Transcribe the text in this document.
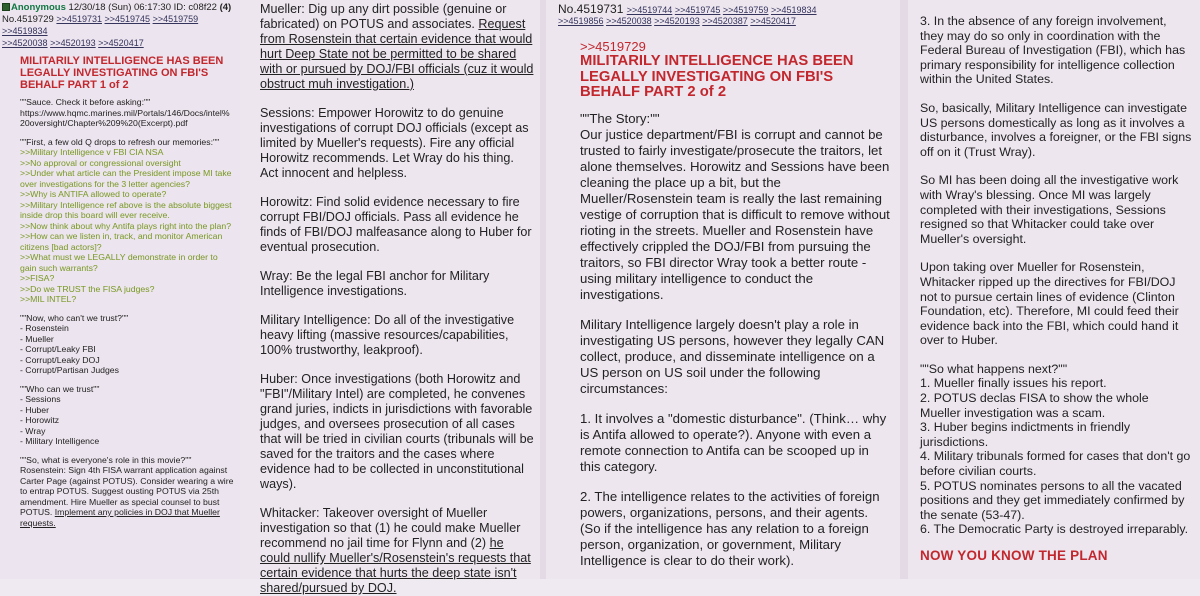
Anonymous 12/30/18 (Sun) 06:17:30 ID: c08f22 (4)
No.4519729 >>4519731 >>4519745 >>4519759 >>4519834
>>4520038 >>4520193 >>4520417
MILITARILY INTELLIGENCE HAS BEEN LEGALLY INVESTIGATING ON FBI'S BEHALF PART 1 of 2
""Sauce. Check it before asking:""
https://www.hqmc.marines.mil/Portals/146/Docs/intel%20oversight/Chapter%209%20(Excerpt).pdf
""First, a few old Q drops to refresh our memories:""
>>Military Intelligence v FBI CIA NSA
>>No approval or congressional oversight
>>Under what article can the President impose MI take over investigations for the 3 letter agencies?
>>Why is ANTIFA allowed to operate?
>>Military Intelligence ref above is the absolute biggest inside drop this board will ever receive.
>>Now think about why Antifa plays right into the plan?
>>How can we listen in, track, and monitor American citizens [bad actors]?
>>What must we LEGALLY demonstrate in order to gain such warrants?
>>FISA?
>>Do we TRUST the FISA judges?
>>MIL INTEL?
""Now, who can't we trust?""
- Rosenstein
- Mueller
- Corrupt/Leaky FBI
- Corrupt/Leaky DOJ
- Corrupt/Partisan Judges
""Who can we trust""
- Sessions
- Huber
- Horowitz
- Wray
- Military Intelligence
""So, what is everyone's role in this movie?""
Rosenstein: Sign 4th FISA warrant application against Carter Page (against POTUS). Consider wearing a wire to entrap POTUS. Suggest ousting POTUS via 25th amendment. Hire Mueller as special counsel to bust POTUS. Implement any policies in DOJ that Mueller requests.
Mueller: Dig up any dirt possible (genuine or fabricated) on POTUS and associates. Request from Rosenstein that certain evidence that would hurt Deep State not be permitted to be shared with or pursued by DOJ/FBI officials (cuz it would obstruct muh investigation.)
Sessions: Empower Horowitz to do genuine investigations of corrupt DOJ officials (except as limited by Mueller's requests). Fire any official Horowitz recommends. Let Wray do his thing. Act innocent and helpless.
Horowitz: Find solid evidence necessary to fire corrupt FBI/DOJ officials. Pass all evidence he finds of FBI/DOJ malfeasance along to Huber for eventual prosecution.
Wray: Be the legal FBI anchor for Military Intelligence investigations.
Military Intelligence: Do all of the investigative heavy lifting (massive resources/capabilities, 100% trustworthy, leakproof).
Huber: Once investigations (both Horowitz and "FBI"/Military Intel) are completed, he convenes grand juries, indicts in jurisdictions with favorable judges, and oversees prosecution of all cases that will be tried in civilian courts (tribunals will be saved for the traitors and the cases where evidence had to be collected in unconstitutional ways).
Whitacker: Takeover oversight of Mueller investigation so that (1) he could make Mueller recommend no jail time for Flynn and (2) he could nullify Mueller's/Rosenstein's requests that certain evidence that hurts the deep state isn't shared/pursued by DOJ.
No.4519731 >>4519744 >>4519745 >>4519759 >>4519834
>>4519856 >>4520038 >>4520193 >>4520387 >>4520417
>>4519729
MILITARILY INTELLIGENCE HAS BEEN LEGALLY INVESTIGATING ON FBI'S BEHALF PART 2 of 2
""The Story:""
Our justice department/FBI is corrupt and cannot be trusted to fairly investigate/prosecute the traitors, let alone themselves. Horowitz and Sessions have been cleaning the place up a bit, but the Mueller/Rosenstein team is really the last remaining vestige of corruption that is difficult to remove without rioting in the streets. Mueller and Rosenstein have effectively crippled the DOJ/FBI from pursuing the traitors, so FBI director Wray took a better route - using military intelligence to conduct the investigations.
Military Intelligence largely doesn't play a role in investigating US persons, however they legally CAN collect, produce, and disseminate intelligence on a US person on US soil under the following circumstances:
1. It involves a "domestic disturbance". (Think… why is Antifa allowed to operate?). Anyone with even a remote connection to Antifa can be scooped up in this category.
2. The intelligence relates to the activities of foreign powers, organizations, persons, and their agents. (So if the intelligence has any relation to a foreign person, organization, or government, Military Intelligence is clear to do their work).
3. In the absence of any foreign involvement, they may do so only in coordination with the Federal Bureau of Investigation (FBI), which has primary responsibility for intelligence collection within the United States.
So, basically, Military Intelligence can investigate US persons domestically as long as it involves a disturbance, involves a foreigner, or the FBI signs off on it (Trust Wray).
So MI has been doing all the investigative work with Wray's blessing. Once MI was largely completed with their investigations, Sessions resigned so that Whitacker could take over Mueller's oversight.
Upon taking over Mueller for Rosenstein, Whitacker ripped up the directives for FBI/DOJ not to pursue certain lines of evidence (Clinton Foundation, etc). Therefore, MI could feed their evidence back into the FBI, which could hand it over to Huber.
""So what happens next?""
1. Mueller finally issues his report.
2. POTUS declas FISA to show the whole Mueller investigation was a scam.
3. Huber begins indictments in friendly jurisdictions.
4. Military tribunals formed for cases that don't go before civilian courts.
5. POTUS nominates persons to all the vacated positions and they get immediately confirmed by the senate (53-47).
6. The Democratic Party is destroyed irreparably.
NOW YOU KNOW THE PLAN
